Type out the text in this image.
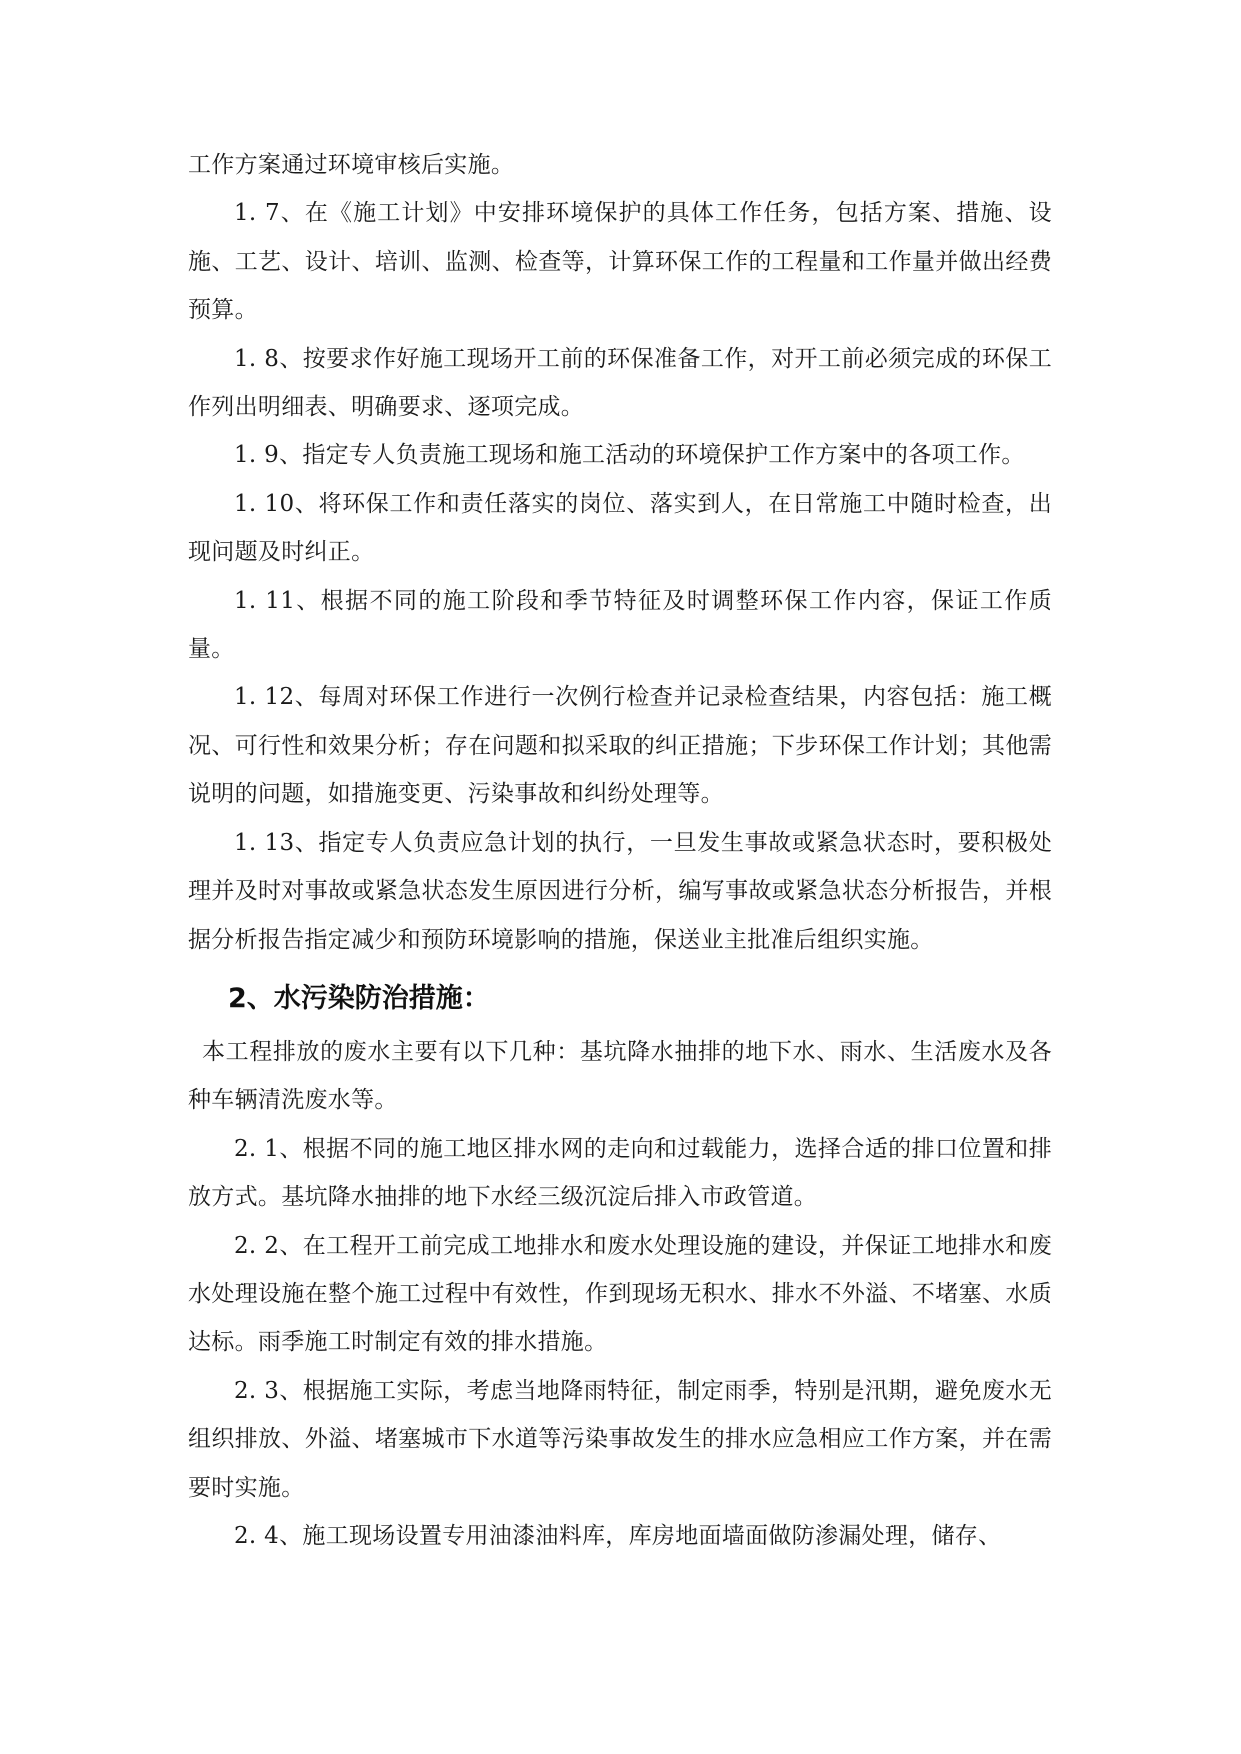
工作方案通过环境审核后实施。

1. 7、在《施工计划》中安排环境保护的具体工作任务，包括方案、措施、设施、工艺、设计、培训、监测、检查等，计算环保工作的工程量和工作量并做出经费预算。

1. 8、按要求作好施工现场开工前的环保准备工作，对开工前必须完成的环保工作列出明细表、明确要求、逐项完成。

1. 9、指定专人负责施工现场和施工活动的环境保护工作方案中的各项工作。

1. 10、将环保工作和责任落实的岗位、落实到人，在日常施工中随时检查，出现问题及时纠正。

1. 11、根据不同的施工阶段和季节特征及时调整环保工作内容，保证工作质量。

1. 12、每周对环保工作进行一次例行检查并记录检查结果，内容包括：施工概况、可行性和效果分析；存在问题和拟采取的纠正措施；下步环保工作计划；其他需说明的问题，如措施变更、污染事故和纠纷处理等。

1. 13、指定专人负责应急计划的执行，一旦发生事故或紧急状态时，要积极处理并及时对事故或紧急状态发生原因进行分析，编写事故或紧急状态分析报告，并根据分析报告指定减少和预防环境影响的措施，保送业主批准后组织实施。

2、水污染防治措施：

本工程排放的废水主要有以下几种：基坑降水抽排的地下水、雨水、生活废水及各种车辆清洗废水等。

2. 1、根据不同的施工地区排水网的走向和过载能力，选择合适的排口位置和排放方式。基坑降水抽排的地下水经三级沉淀后排入市政管道。

2. 2、在工程开工前完成工地排水和废水处理设施的建设，并保证工地排水和废水处理设施在整个施工过程中有效性，作到现场无积水、排水不外溢、不堵塞、水质达标。雨季施工时制定有效的排水措施。

2. 3、根据施工实际，考虑当地降雨特征，制定雨季，特别是汛期，避免废水无组织排放、外溢、堵塞城市下水道等污染事故发生的排水应急相应工作方案，并在需要时实施。

2. 4、施工现场设置专用油漆油料库，库房地面墙面做防渗漏处理，储存、
